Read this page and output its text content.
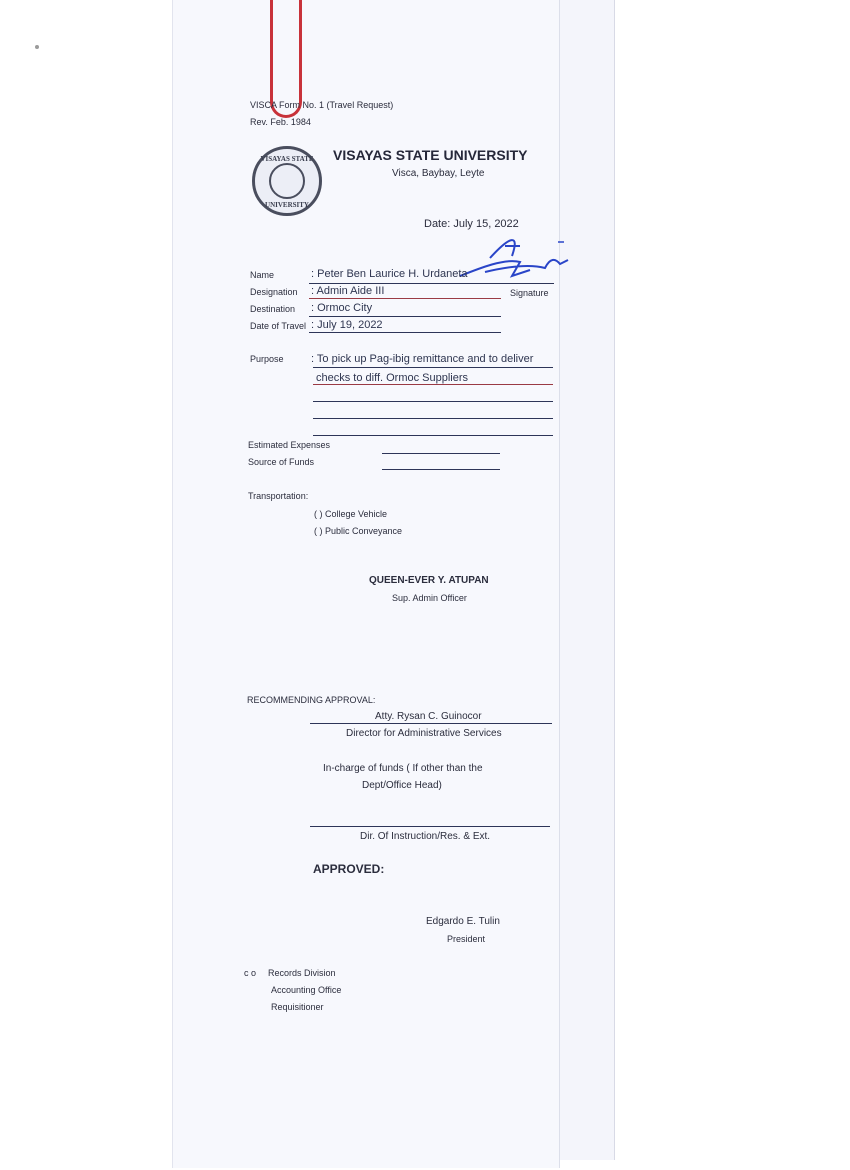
VISCA Form No. 1 (Travel Request)
Rev. Feb. 1984
VISAYAS STATE
UNIVERSITY
VISAYAS STATE UNIVERSITY
Visca, Baybay, Leyte
Date: July 15, 2022
Name	: Peter Ben Laurice H. Urdaneta
Designation : Admin Aide III	Signature
Destination : Ormoc City
Date of Travel : July 19, 2022
Purpose : To pick up Pag-ibig remittance and to deliver
checks to diff. Ormoc Suppliers
Estimated Expenses
Source of Funds
Transportation:
( ) College Vehicle
( ) Public Conveyance
QUEEN-EVER Y. ATUPAN
Sup. Admin Officer
RECOMMENDING APPROVAL:
Atty. Rysan C. Guinocor
Director for Administrative Services
In-charge of funds ( If other than the
Dept/Office Head)
Dir. Of Instruction/Res. & Ext.
APPROVED:
Edgardo E. Tulin
President
c o Records Division
Accounting Office
Requisitioner
